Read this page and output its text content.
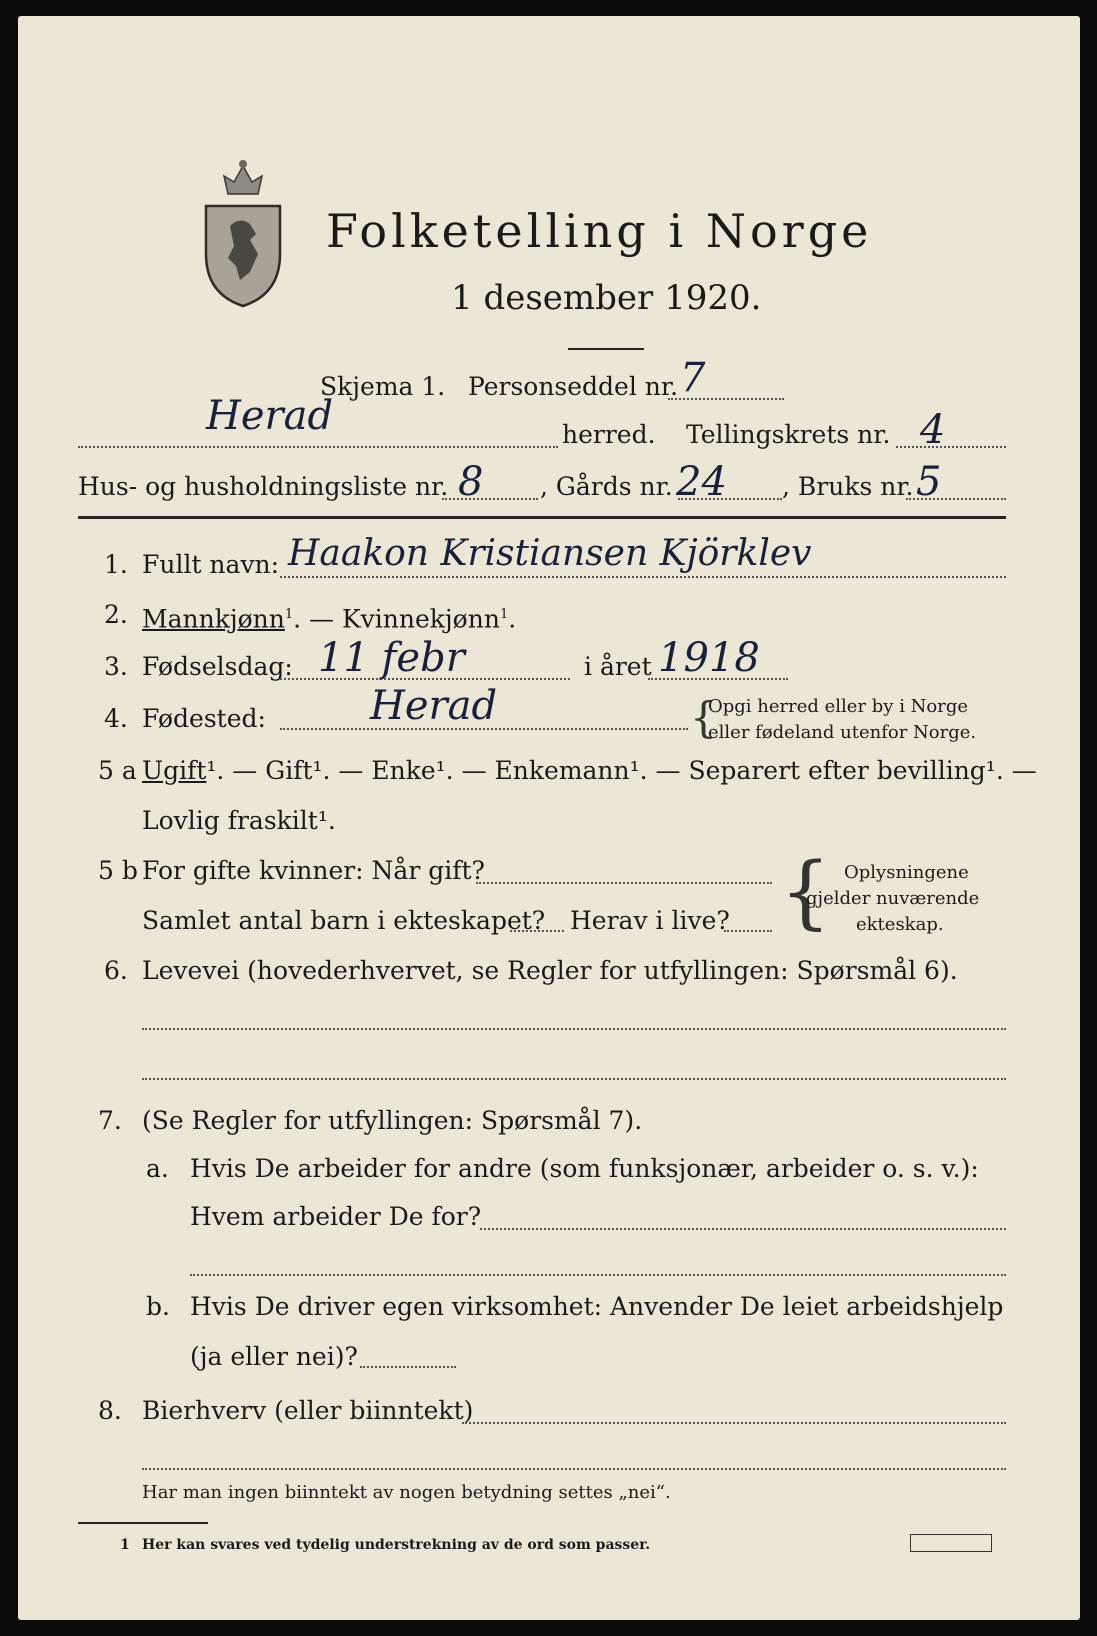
Folketelling i Norge
1 desember 1920.
Skjema 1. Personseddel nr. 7
Herad	herred. Tellingskrets nr. 4
Hus- og husholdningsliste nr. 8 , Gårds nr. 24 , Bruks nr. 5
1. Fullt navn: Haakon Kristiansen Kjörklev
2. Mannkjønn$^1$. — Kvinnekjønn$^1$.
3. Fødselsdag: 11 febr	i året 1918
4. Fødested:	Herad	{
Opgi herred eller by i Norge
eller fødeland utenfor Norge.
5 a Ugift¹. — Gift¹. — Enke¹. — Enkemann¹. — Separert efter bevilling¹. —
Lovlig fraskilt¹.
5 b For gifte kvinner: Når gift?
Samlet antal barn i ekteskapet? Herav i live? { Oplysningene
gjelder nuværende
ekteskap.
6. Levevei (hovederhvervet, se Regler for utfyllingen: Spørsmål 6).
7. (Se Regler for utfyllingen: Spørsmål 7).
a. Hvis De arbeider for andre (som funksjonær, arbeider o. s. v.):
Hvem arbeider De for?
b. Hvis De driver egen virksomhet: Anvender De leiet arbeidshjelp
(ja eller nei)?
8. Bierhverv (eller biinntekt)
Har man ingen biinntekt av nogen betydning settes „nei“.
1 Her kan svares ved tydelig understrekning av de ord som passer.
